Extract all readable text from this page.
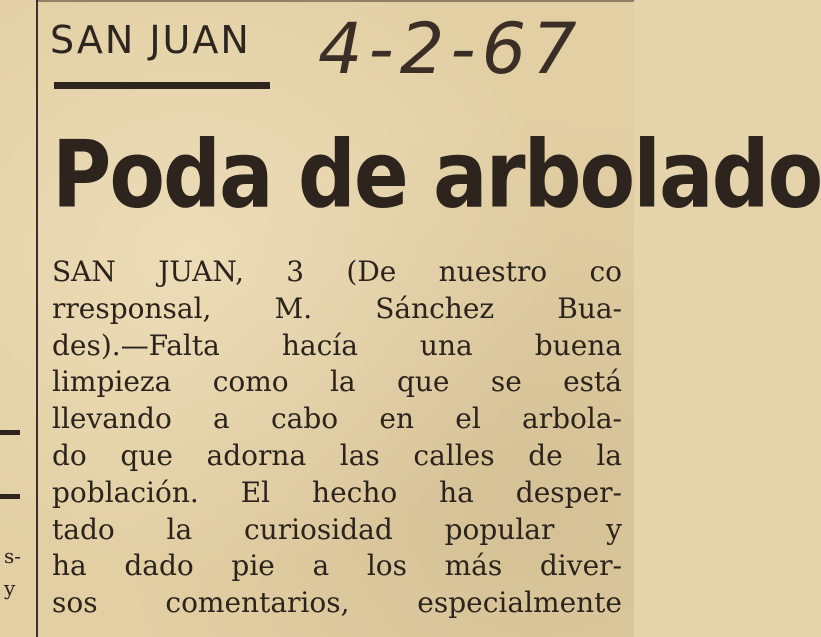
s-
y
SAN JUAN 4-2-67
Poda de arbolado
SAN JUAN, 3 (De nuestro co
rresponsal, M. Sánchez Bua-
des).—Falta hacía una buena
limpieza como la que se está
llevando a cabo en el arbola-
do que adorna las calles de la
población. El hecho ha desper-
tado la curiosidad popular y
ha dado pie a los más diver-
sos comentarios, especialmente
